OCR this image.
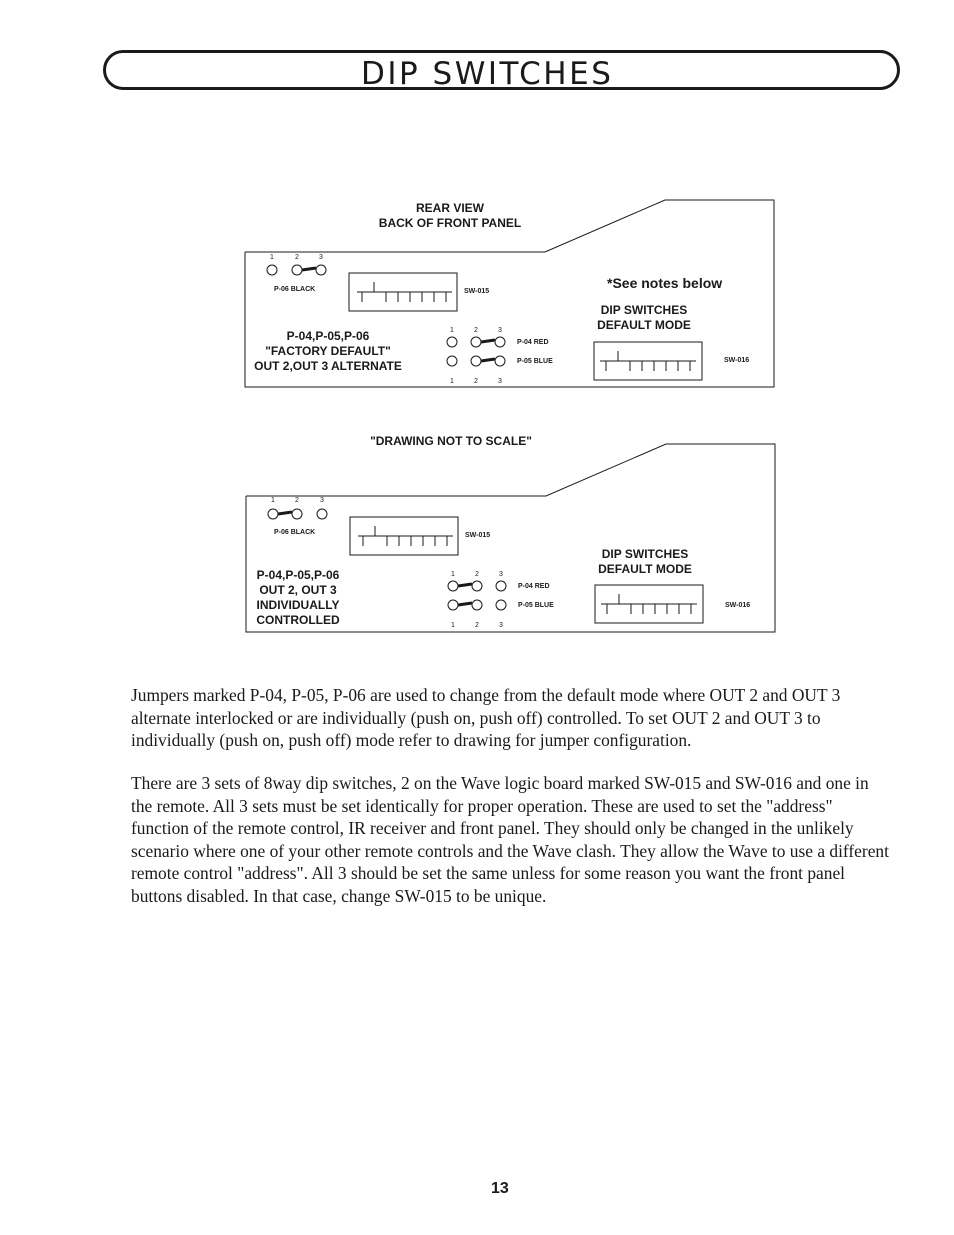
DIP SWITCHES
REAR VIEW
BACK OF FRONT PANEL
1	2	3
P-06 BLACK	SW-015
*See notes below
DIP SWITCHES
DEFAULT MODE
SW-016
1	2	3
P-04 RED
P-05 BLUE
1	2	3
P-04,P-05,P-06
"FACTORY DEFAULT"
OUT 2,OUT 3 ALTERNATE
"DRAWING NOT TO SCALE"
1	2	3
P-06 BLACK	SW-015
DIP SWITCHES
DEFAULT MODE
SW-016
1	2	3
P-04 RED
P-05 BLUE
1	2	3
P-04,P-05,P-06
OUT 2, OUT 3
INDIVIDUALLY
CONTROLLED

Jumpers marked P-04, P-05, P-06 are used to change from the default mode where OUT 2 and OUT 3 alternate interlocked or are individually (push on, push off) controlled. To set OUT 2 and OUT 3 to individually (push on, push off) mode refer to drawing for jumper configuration.

There are 3 sets of 8way dip switches, 2 on the Wave logic board marked SW-015 and SW-016 and one in the remote. All 3 sets must be set identically for proper operation. These are used to set the "address" function of the remote control, IR receiver and front panel. They should only be changed in the unlikely scenario where one of your other remote controls and the Wave clash. They allow the Wave to use a different remote control "address". All 3 should be set the same unless for some reason you want the front panel buttons disabled. In that case, change SW-015 to be unique.

13
